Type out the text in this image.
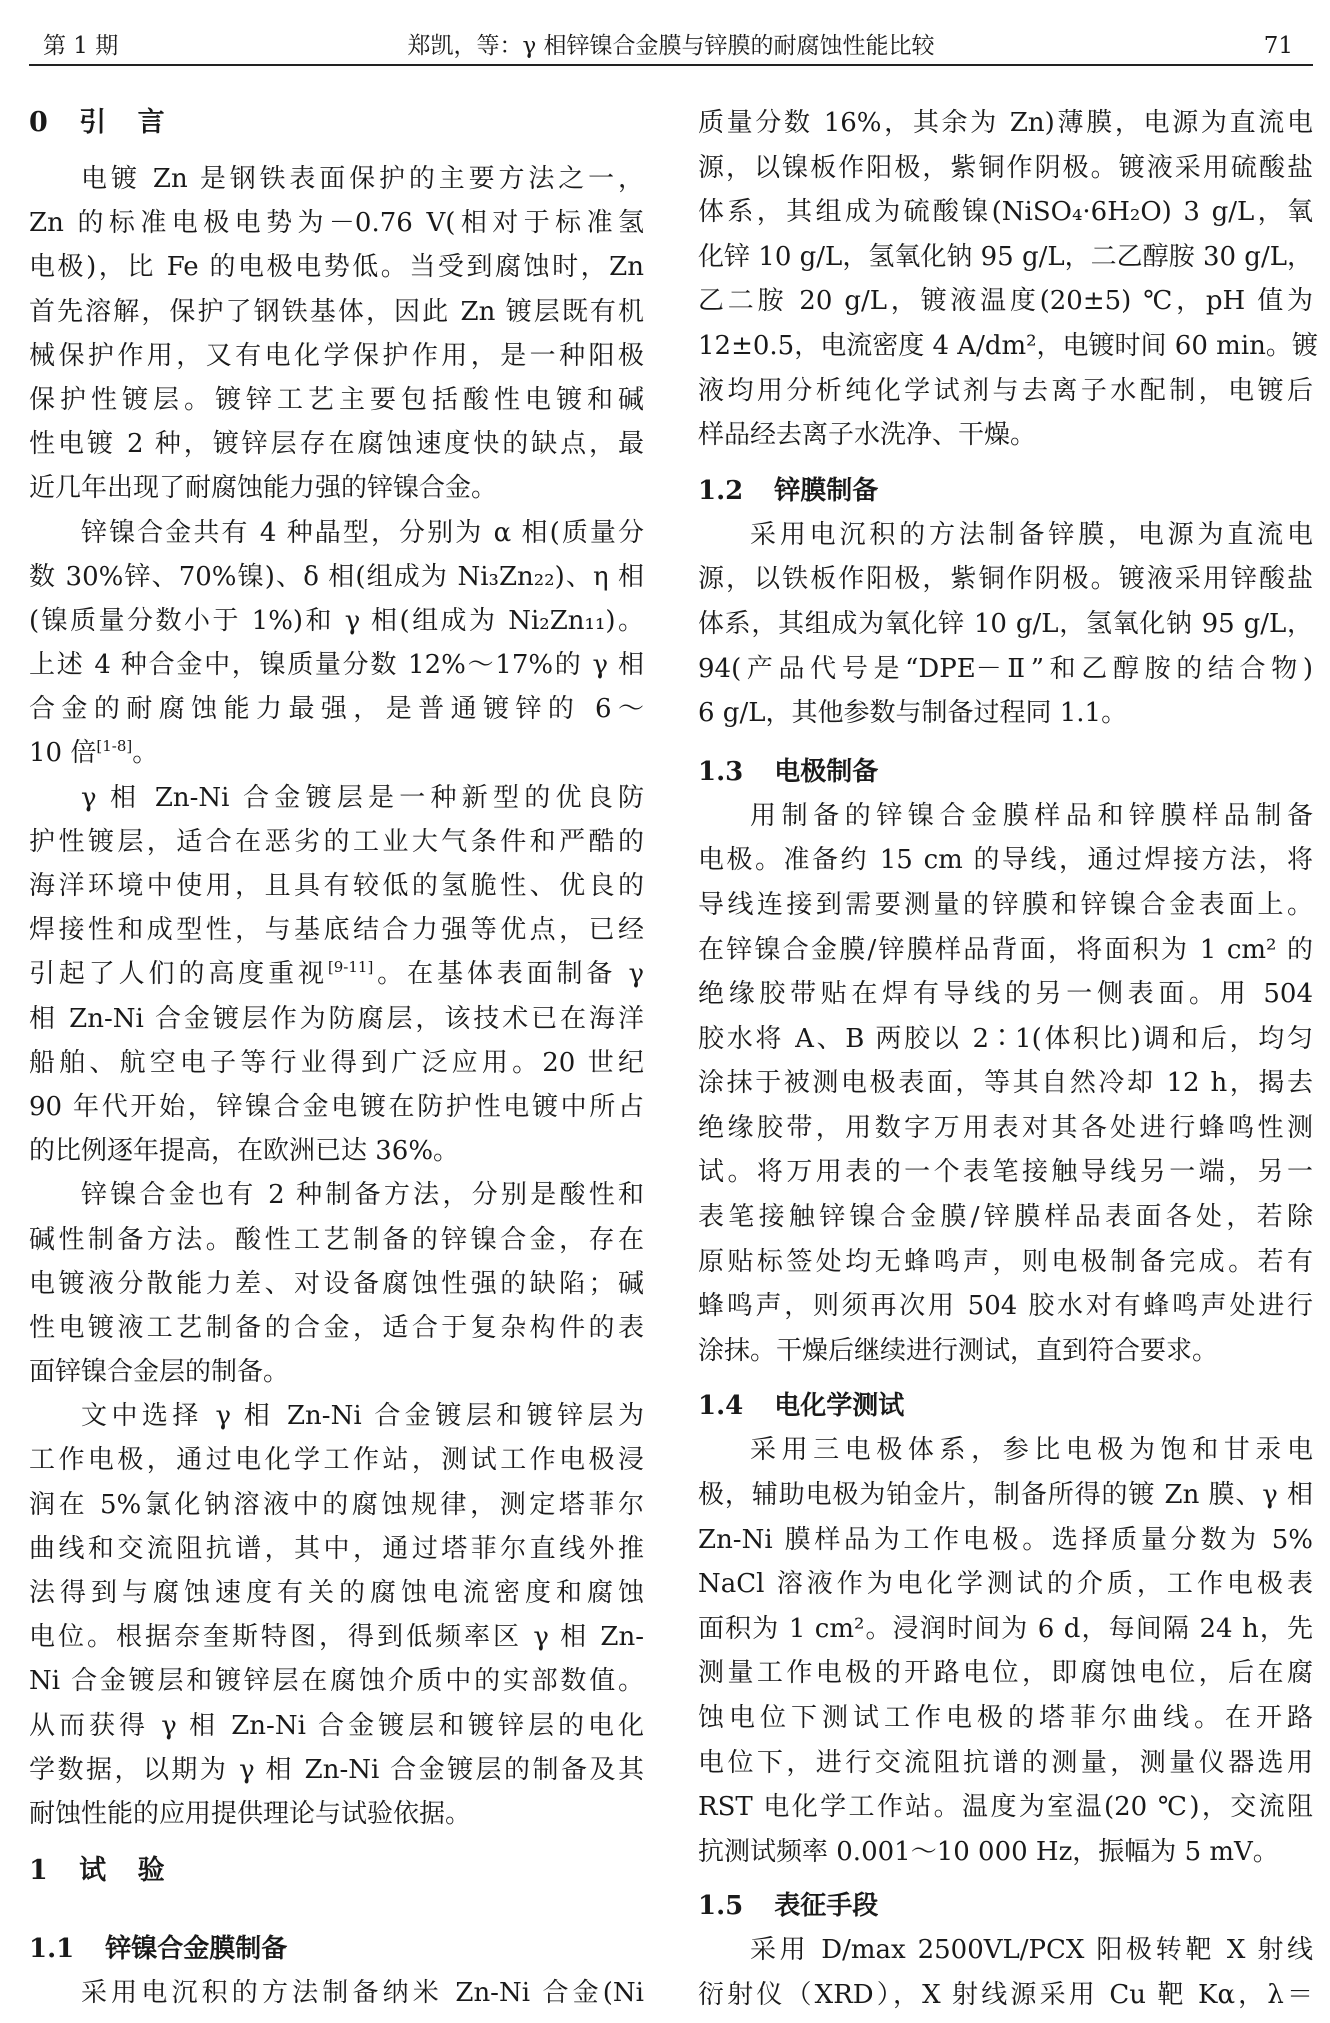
第 1 期	郑凯，等：γ 相锌镍合金膜与锌膜的耐腐蚀性能比较	71
0 引 言
电镀 Zn 是钢铁表面保护的主要方法之一，
Zn 的标准电极电势为－0.76 V(相对于标准氢
电极)，比 Fe 的电极电势低。当受到腐蚀时，Zn
首先溶解，保护了钢铁基体，因此 Zn 镀层既有机
械保护作用，又有电化学保护作用，是一种阳极
保护性镀层。镀锌工艺主要包括酸性电镀和碱
性电镀 2 种，镀锌层存在腐蚀速度快的缺点，最
近几年出现了耐腐蚀能力强的锌镍合金。
锌镍合金共有 4 种晶型，分别为 α 相(质量分
数 30%锌、70%镍)、δ 相(组成为 Ni₃Zn₂₂)、η 相
(镍质量分数小于 1%)和 γ 相(组成为 Ni₂Zn₁₁)。
上述 4 种合金中，镍质量分数 12%～17%的 γ 相
合金的耐腐蚀能力最强，是普通镀锌的 6～
10 倍[1-8]。
γ 相 Zn-Ni 合金镀层是一种新型的优良防
护性镀层，适合在恶劣的工业大气条件和严酷的
海洋环境中使用，且具有较低的氢脆性、优良的
焊接性和成型性，与基底结合力强等优点，已经
引起了人们的高度重视[9-11]。在基体表面制备 γ
相 Zn-Ni 合金镀层作为防腐层，该技术已在海洋
船舶、航空电子等行业得到广泛应用。20 世纪
90 年代开始，锌镍合金电镀在防护性电镀中所占
的比例逐年提高，在欧洲已达 36%。
锌镍合金也有 2 种制备方法，分别是酸性和
碱性制备方法。酸性工艺制备的锌镍合金，存在
电镀液分散能力差、对设备腐蚀性强的缺陷；碱
性电镀液工艺制备的合金，适合于复杂构件的表
面锌镍合金层的制备。
文中选择 γ 相 Zn-Ni 合金镀层和镀锌层为
工作电极，通过电化学工作站，测试工作电极浸
润在 5%氯化钠溶液中的腐蚀规律，测定塔菲尔
曲线和交流阻抗谱，其中，通过塔菲尔直线外推
法得到与腐蚀速度有关的腐蚀电流密度和腐蚀
电位。根据奈奎斯特图，得到低频率区 γ 相 Zn-
Ni 合金镀层和镀锌层在腐蚀介质中的实部数值。
从而获得 γ 相 Zn-Ni 合金镀层和镀锌层的电化
学数据，以期为 γ 相 Zn-Ni 合金镀层的制备及其
耐蚀性能的应用提供理论与试验依据。
1 试 验
1.1 锌镍合金膜制备
采用电沉积的方法制备纳米 Zn-Ni 合金(Ni
质量分数 16%，其余为 Zn)薄膜，电源为直流电
源，以镍板作阳极，紫铜作阴极。镀液采用硫酸盐
体系，其组成为硫酸镍(NiSO₄·6H₂O) 3 g/L，氧
化锌 10 g/L，氢氧化钠 95 g/L，二乙醇胺 30 g/L，
乙二胺 20 g/L，镀液温度(20±5) ℃，pH 值为
12±0.5，电流密度 4 A/dm²，电镀时间 60 min。镀
液均用分析纯化学试剂与去离子水配制，电镀后
样品经去离子水洗净、干燥。
1.2 锌膜制备
采用电沉积的方法制备锌膜，电源为直流电
源，以铁板作阳极，紫铜作阴极。镀液采用锌酸盐
体系，其组成为氧化锌 10 g/L，氢氧化钠 95 g/L，
94(产品代号是“DPE－Ⅱ”和乙醇胺的结合物)
6 g/L，其他参数与制备过程同 1.1。
1.3 电极制备
用制备的锌镍合金膜样品和锌膜样品制备
电极。准备约 15 cm 的导线，通过焊接方法，将
导线连接到需要测量的锌膜和锌镍合金表面上。
在锌镍合金膜/锌膜样品背面，将面积为 1 cm² 的
绝缘胶带贴在焊有导线的另一侧表面。用 504
胶水将 A、B 两胶以 2∶1(体积比)调和后，均匀
涂抹于被测电极表面，等其自然冷却 12 h，揭去
绝缘胶带，用数字万用表对其各处进行蜂鸣性测
试。将万用表的一个表笔接触导线另一端，另一
表笔接触锌镍合金膜/锌膜样品表面各处，若除
原贴标签处均无蜂鸣声，则电极制备完成。若有
蜂鸣声，则须再次用 504 胶水对有蜂鸣声处进行
涂抹。干燥后继续进行测试，直到符合要求。
1.4 电化学测试
采用三电极体系，参比电极为饱和甘汞电
极，辅助电极为铂金片，制备所得的镀 Zn 膜、γ 相
Zn-Ni 膜样品为工作电极。选择质量分数为 5%
NaCl 溶液作为电化学测试的介质，工作电极表
面积为 1 cm²。浸润时间为 6 d，每间隔 24 h，先
测量工作电极的开路电位，即腐蚀电位，后在腐
蚀电位下测试工作电极的塔菲尔曲线。在开路
电位下，进行交流阻抗谱的测量，测量仪器选用
RST 电化学工作站。温度为室温(20 ℃)，交流阻
抗测试频率 0.001～10 000 Hz，振幅为 5 mV。
1.5 表征手段
采用 D/max 2500VL/PCX 阳极转靶 X 射线
衍射仪（XRD），X 射线源采用 Cu 靶 Kα，λ＝
